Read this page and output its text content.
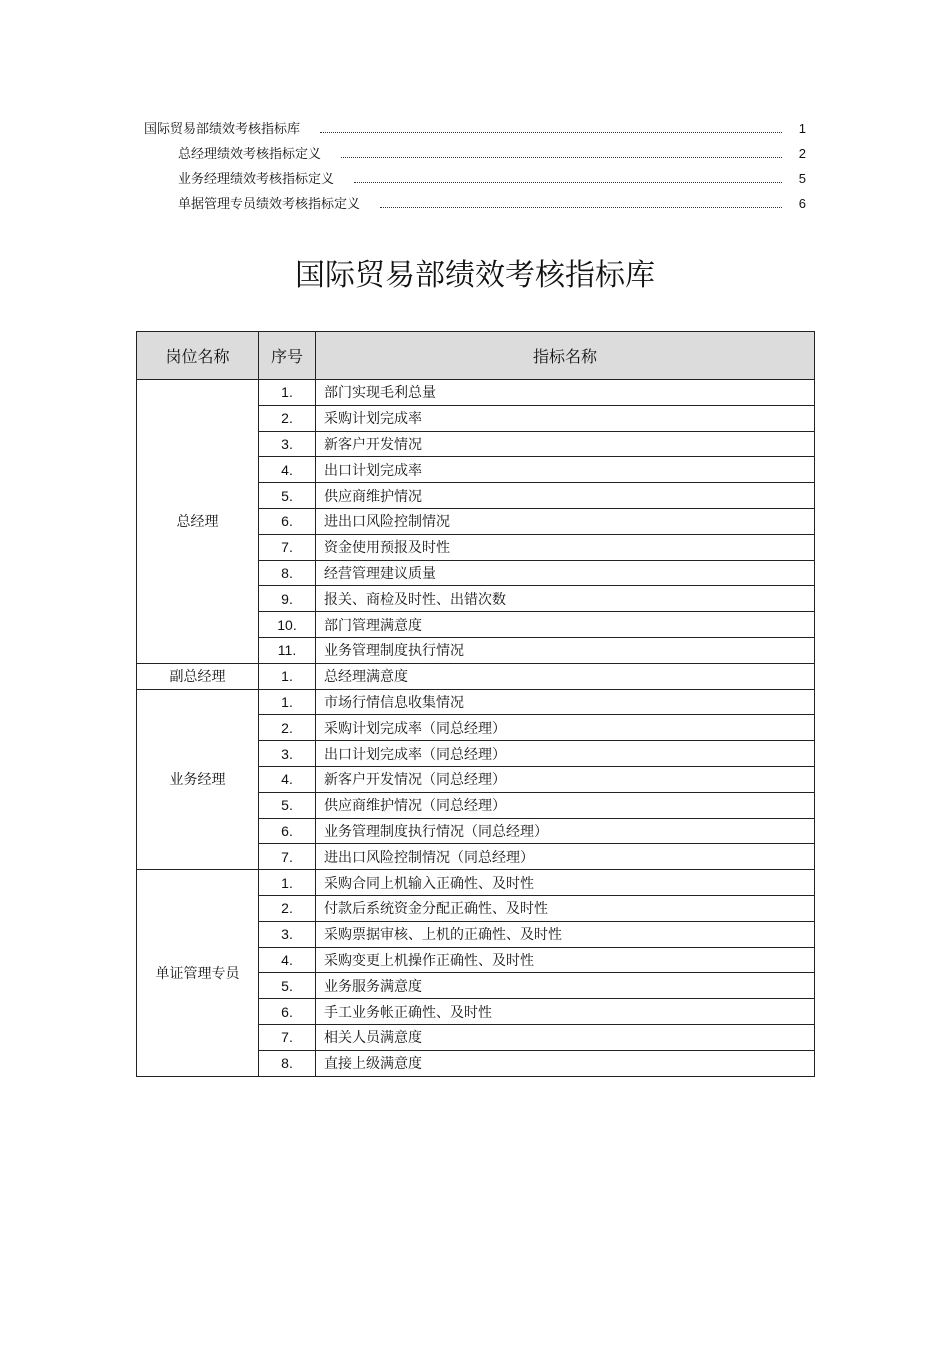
国际贸易部绩效考核指标库	1
总经理绩效考核指标定义	2
业务经理绩效考核指标定义	5
单据管理专员绩效考核指标定义	6
国际贸易部绩效考核指标库
岗位名称	序号	指标名称
总经理	1.	部门实现毛利总量
	2.	采购计划完成率
	3.	新客户开发情况
	4.	出口计划完成率
	5.	供应商维护情况
	6.	进出口风险控制情况
	7.	资金使用预报及时性
	8.	经营管理建议质量
	9.	报关、商检及时性、出错次数
	10.	部门管理满意度
	11.	业务管理制度执行情况
副总经理	1.	总经理满意度
业务经理	1.	市场行情信息收集情况
	2.	采购计划完成率（同总经理）
	3.	出口计划完成率（同总经理）
	4.	新客户开发情况（同总经理）
	5.	供应商维护情况（同总经理）
	6.	业务管理制度执行情况（同总经理）
	7.	进出口风险控制情况（同总经理）
单证管理专员	1.	采购合同上机输入正确性、及时性
	2.	付款后系统资金分配正确性、及时性
	3.	采购票据审核、上机的正确性、及时性
	4.	采购变更上机操作正确性、及时性
	5.	业务服务满意度
	6.	手工业务帐正确性、及时性
	7.	相关人员满意度
	8.	直接上级满意度
